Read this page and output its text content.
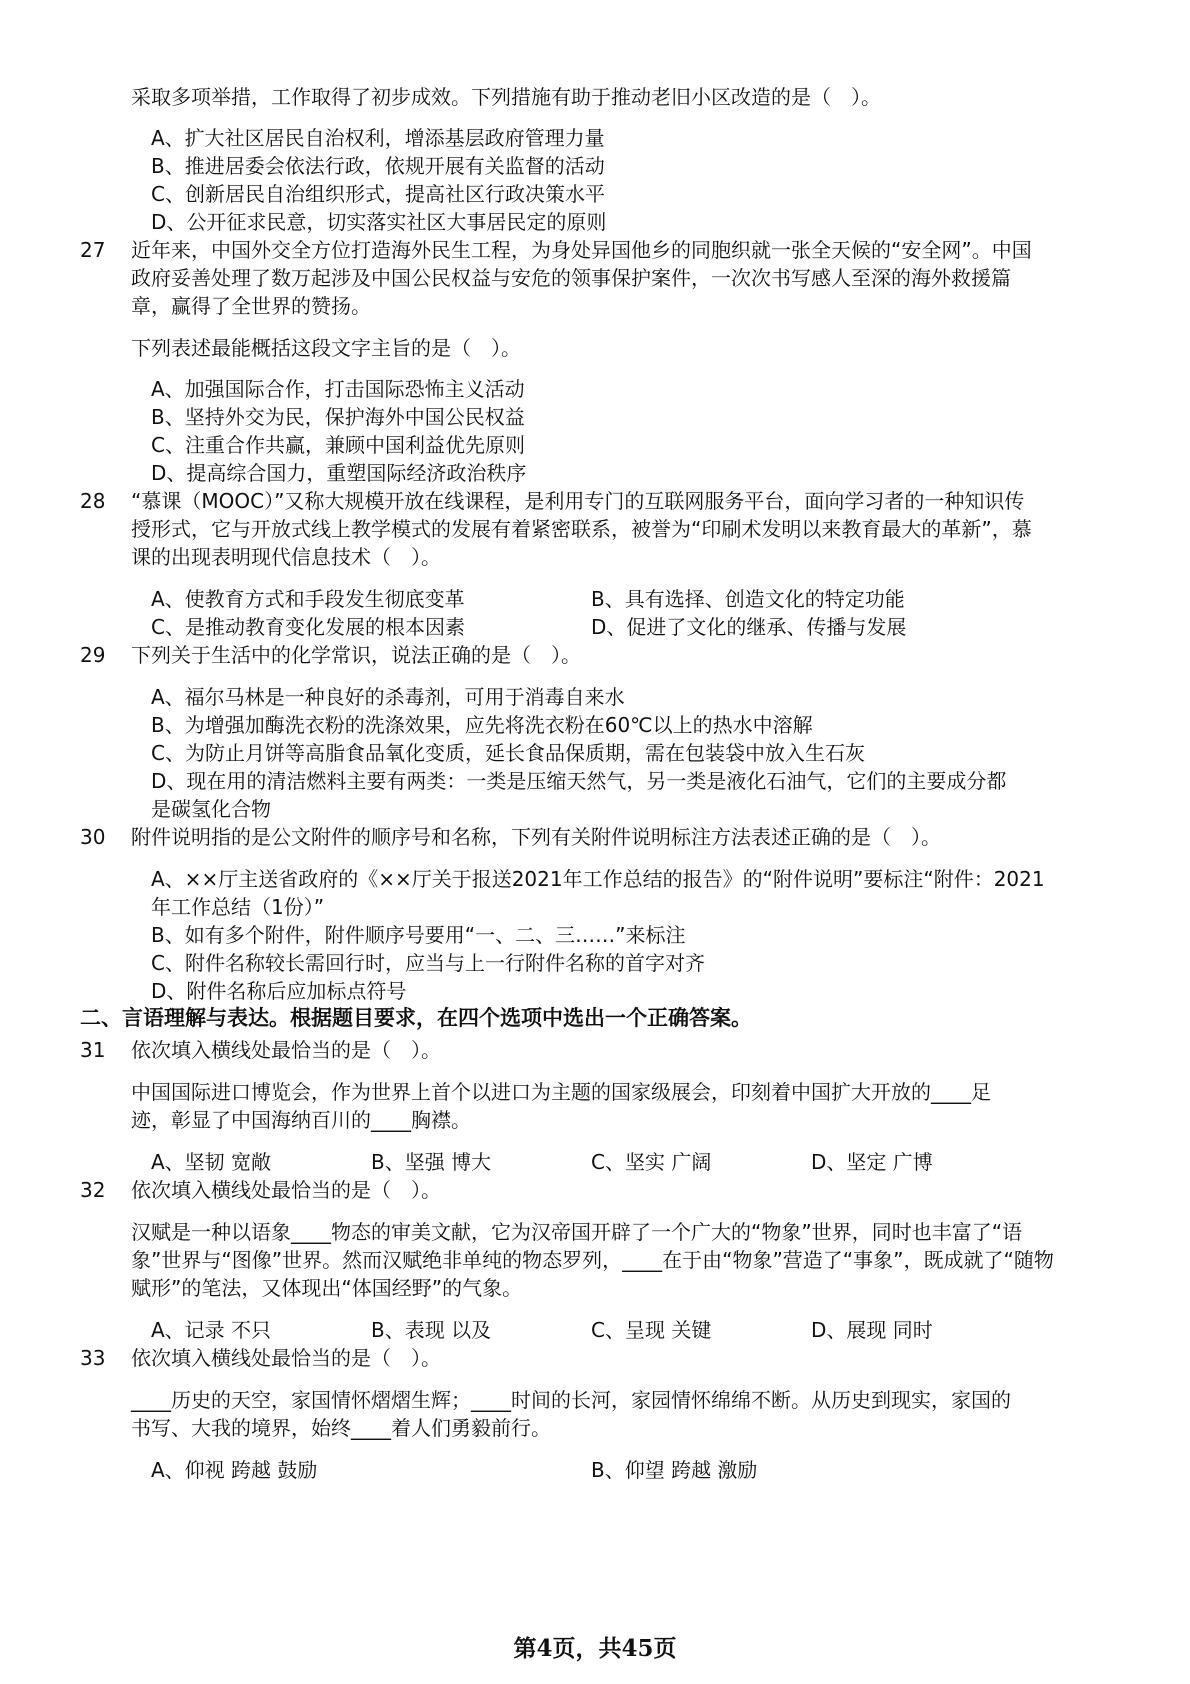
采取多项举措，工作取得了初步成效。下列措施有助于推动老旧小区改造的是（　）。
A、扩大社区居民自治权利，增添基层政府管理力量
B、推进居委会依法行政，依规开展有关监督的活动
C、创新居民自治组织形式，提高社区行政决策水平
D、公开征求民意，切实落实社区大事居民定的原则
27 近年来，中国外交全方位打造海外民生工程，为身处异国他乡的同胞织就一张全天候的“安全网”。中国
政府妥善处理了数万起涉及中国公民权益与安危的领事保护案件，一次次书写感人至深的海外救援篇
章，赢得了全世界的赞扬。
下列表述最能概括这段文字主旨的是（　）。
A、加强国际合作，打击国际恐怖主义活动
B、坚持外交为民，保护海外中国公民权益
C、注重合作共赢，兼顾中国利益优先原则
D、提高综合国力，重塑国际经济政治秩序
28 “慕课（MOOC）”又称大规模开放在线课程，是利用专门的互联网服务平台，面向学习者的一种知识传
授形式，它与开放式线上教学模式的发展有着紧密联系，被誉为“印刷术发明以来教育最大的革新”，慕
课的出现表明现代信息技术（　）。
A、使教育方式和手段发生彻底变革	B、具有选择、创造文化的特定功能
C、是推动教育变化发展的根本因素	D、促进了文化的继承、传播与发展
29 下列关于生活中的化学常识，说法正确的是（　）。
A、福尔马林是一种良好的杀毒剂，可用于消毒自来水
B、为增强加酶洗衣粉的洗涤效果，应先将洗衣粉在60℃以上的热水中溶解
C、为防止月饼等高脂食品氧化变质，延长食品保质期，需在包装袋中放入生石灰
D、现在用的清洁燃料主要有两类：一类是压缩天然气，另一类是液化石油气，它们的主要成分都
是碳氢化合物
30 附件说明指的是公文附件的顺序号和名称，下列有关附件说明标注方法表述正确的是（　）。
A、××厅主送省政府的《××厅关于报送2021年工作总结的报告》的“附件说明”要标注“附件：2021
年工作总结（1份）”
B、如有多个附件，附件顺序号要用“一、二、三……”来标注
C、附件名称较长需回行时，应当与上一行附件名称的首字对齐
D、附件名称后应加标点符号
二、言语理解与表达。根据题目要求，在四个选项中选出一个正确答案。
31 依次填入横线处最恰当的是（　）。
中国国际进口博览会，作为世界上首个以进口为主题的国家级展会，印刻着中国扩大开放的____足
迹，彰显了中国海纳百川的____胸襟。
A、坚韧 宽敞	B、坚强 博大	C、坚实 广阔	D、坚定 广博
32 依次填入横线处最恰当的是（　）。
汉赋是一种以语象____物态的审美文献，它为汉帝国开辟了一个广大的“物象”世界，同时也丰富了“语
象”世界与“图像”世界。然而汉赋绝非单纯的物态罗列，____在于由“物象”营造了“事象”，既成就了“随物
赋形”的笔法，又体现出“体国经野”的气象。
A、记录 不只	B、表现 以及	C、呈现 关键	D、展现 同时
33 依次填入横线处最恰当的是（　）。
____历史的天空，家国情怀熠熠生辉；____时间的长河，家园情怀绵绵不断。从历史到现实，家国的
书写、大我的境界，始终____着人们勇毅前行。
A、仰视 跨越 鼓励	B、仰望 跨越 激励
第4页，共45页
